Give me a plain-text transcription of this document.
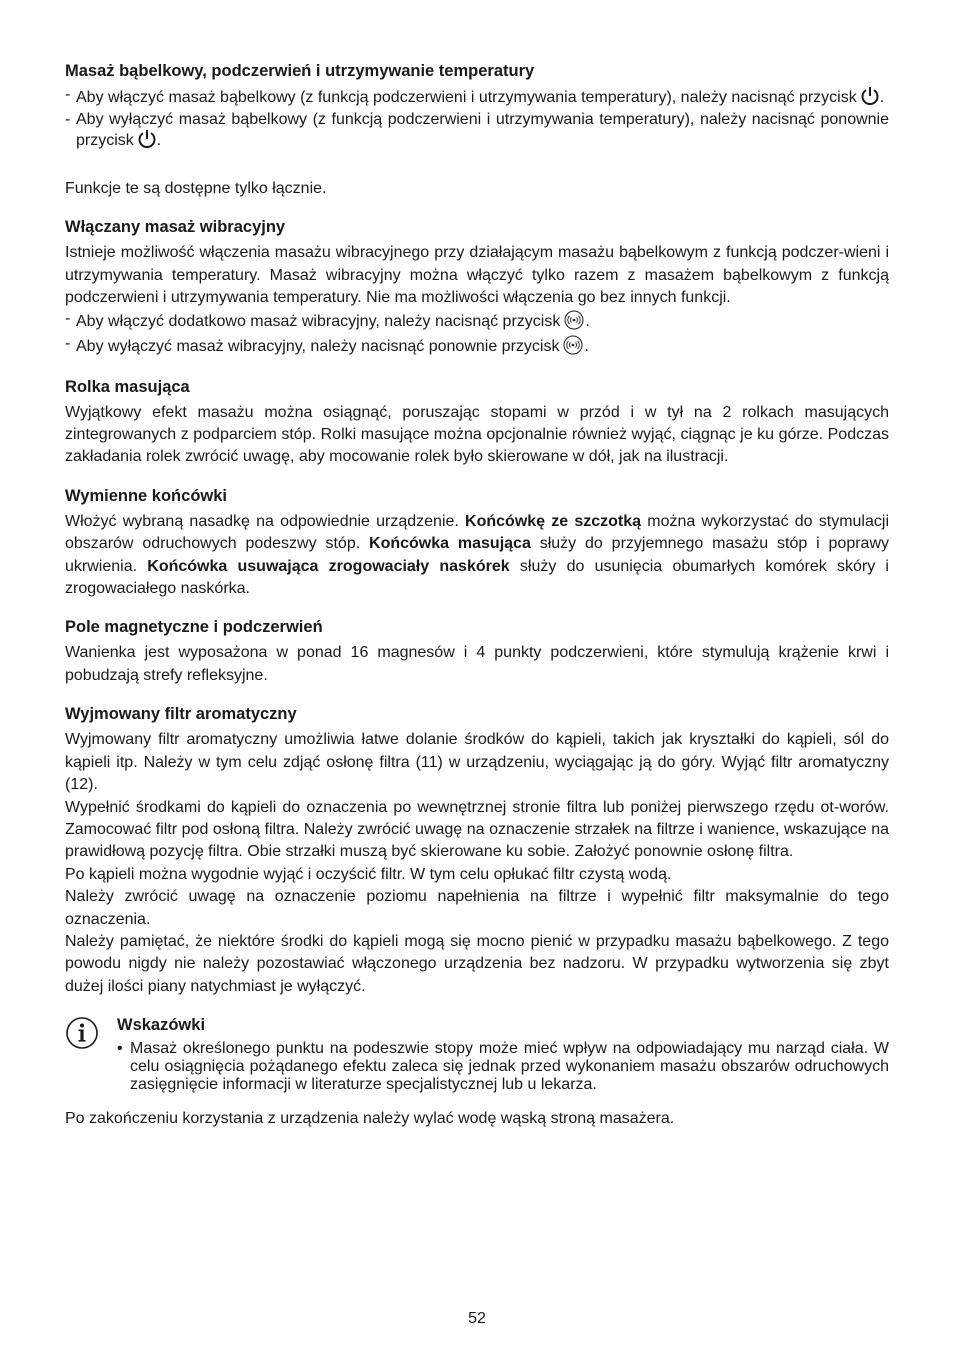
Masaż bąbelkowy, podczerwień i utrzymywanie temperatury
- Aby włączyć masaż bąbelkowy (z funkcją podczerwieni i utrzymywania temperatury), należy nacisnąć przycisk .
- Aby wyłączyć masaż bąbelkowy (z funkcją podczerwieni i utrzymywania temperatury), należy nacisnąć ponownie przycisk .

Funkcje te są dostępne tylko łącznie.

Włączany masaż wibracyjny

Istnieje możliwość włączenia masażu wibracyjnego przy działającym masażu bąbelkowym z funkcją podczer-wieni i utrzymywania temperatury. Masaż wibracyjny można włączyć tylko razem z masażem bąbelkowym z funkcją podczerwieni i utrzymywania temperatury. Nie ma możliwości włączenia go bez innych funkcji.

- Aby włączyć dodatkowo masaż wibracyjny, należy nacisnąć przycisk .
- Aby wyłączyć masaż wibracyjny, należy nacisnąć ponownie przycisk .
Rolka masująca

Wyjątkowy efekt masażu można osiągnąć, poruszając stopami w przód i w tył na 2 rolkach masujących zintegrowanych z podparciem stóp. Rolki masujące można opcjonalnie również wyjąć, ciągnąc je ku górze. Podczas zakładania rolek zwrócić uwagę, aby mocowanie rolek było skierowane w dół, jak na ilustracji.

Wymienne końcówki

Włożyć wybraną nasadkę na odpowiednie urządzenie. Końcówkę ze szczotką można wykorzystać do stymulacji obszarów odruchowych podeszwy stóp. Końcówka masująca służy do przyjemnego masażu stóp i poprawy ukrwienia. Końcówka usuwająca zrogowaciały naskórek służy do usunięcia obumarłych komórek skóry i zrogowaciałego naskórka.

Pole magnetyczne i podczerwień

Wanienka jest wyposażona w ponad 16 magnesów i 4 punkty podczerwieni, które stymulują krążenie krwi i pobudzają strefy refleksyjne.

Wyjmowany filtr aromatyczny

Wyjmowany filtr aromatyczny umożliwia łatwe dolanie środków do kąpieli, takich jak kryształki do kąpieli, sól do kąpieli itp. Należy w tym celu zdjąć osłonę filtra (11) w urządzeniu, wyciągając ją do góry. Wyjąć filtr aromatyczny (12).

Wypełnić środkami do kąpieli do oznaczenia po wewnętrznej stronie filtra lub poniżej pierwszego rzędu ot-worów. Zamocować filtr pod osłoną filtra. Należy zwrócić uwagę na oznaczenie strzałek na filtrze i wanience, wskazujące na prawidłową pozycję filtra. Obie strzałki muszą być skierowane ku sobie. Założyć ponownie osłonę filtra.

Po kąpieli można wygodnie wyjąć i oczyścić filtr. W tym celu opłukać filtr czystą wodą.

Należy zwrócić uwagę na oznaczenie poziomu napełnienia na filtrze i wypełnić filtr maksymalnie do tego oznaczenia.

Należy pamiętać, że niektóre środki do kąpieli mogą się mocno pienić w przypadku masażu bąbelkowego. Z tego powodu nigdy nie należy pozostawiać włączonego urządzenia bez nadzoru. W przypadku wytworzenia się zbyt dużej ilości piany natychmiast je wyłączyć.

Wskazówki
• Masaż określonego punktu na podeszwie stopy może mieć wpływ na odpowiadający mu narząd ciała. W celu osiągnięcia pożądanego efektu zaleca się jednak przed wykonaniem masażu obszarów odruchowych zasięgnięcie informacji w literaturze specjalistycznej lub u lekarza.

Po zakończeniu korzystania z urządzenia należy wylać wodę wąską stroną masażera.

52
